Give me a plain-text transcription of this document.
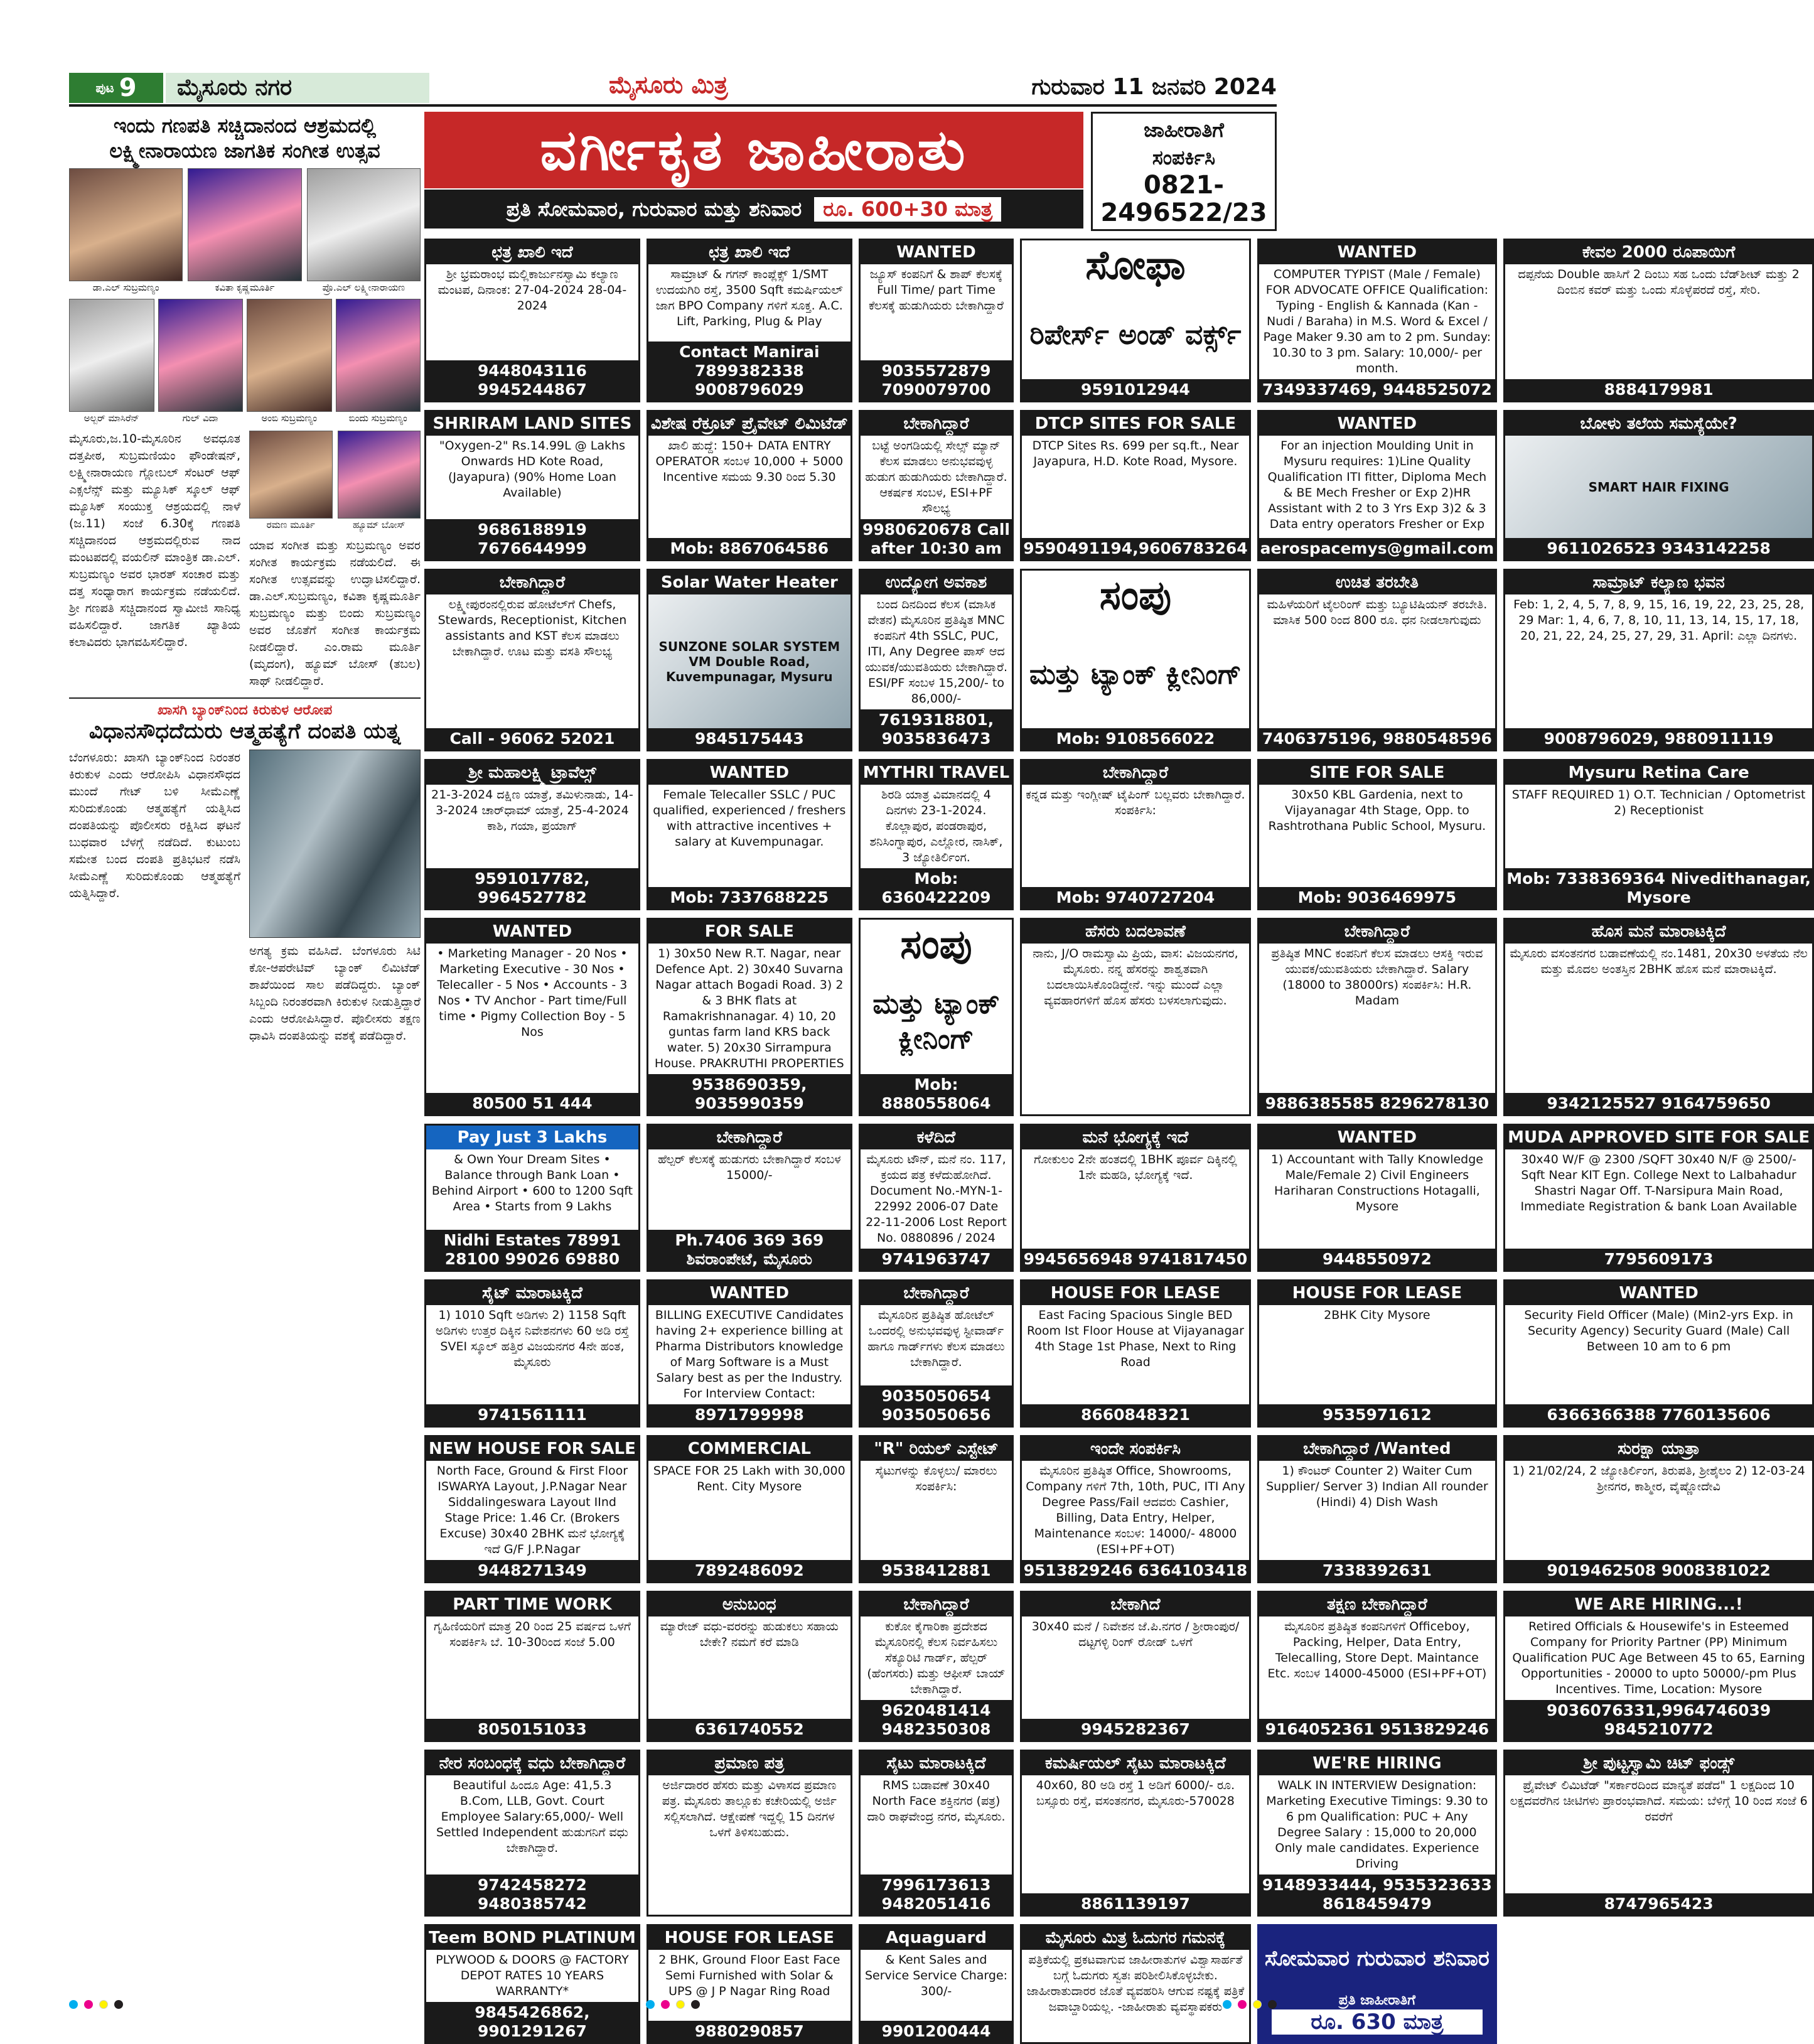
ಪುಟ 9	ಮೈಸೂರು ನಗರ	ಮೈಸೂರು ಮಿತ್ರ	ಗುರುವಾರ 11 ಜನವರಿ 2024
ಇಂದು ಗಣಪತಿ ಸಚ್ಚಿದಾನಂದ ಆಶ್ರಮದಲ್ಲಿ ಲಕ್ಷ್ಮೀನಾರಾಯಣ ಜಾಗತಿಕ ಸಂಗೀತ ಉತ್ಸವ
ಡಾ.ಎಲ್ ಸುಬ್ರಮಣ್ಯಂ	ಕವಿತಾ ಕೃಷ್ಣಮೂರ್ತಿ	ಪ್ರೊ.ಎಲ್ ಲಕ್ಷ್ಮೀನಾರಾಯಣ
ಅಲ್ಬರ್ ಮಾಸಿರೆನ್	ಗುಲ್ ವಿದಾ	ಅಂಬಿ ಸುಬ್ರಮಣ್ಯಂ	ಬಿಂದು ಸುಬ್ರಮಣ್ಯಂ
ಮೈಸೂರು,ಜ.10-ಮೈಸೂರಿನ ಅವಧೂತ ದತ್ತಪೀಠ, ಸುಬ್ರಮಣಿಯಂ ಫೌಂಡೇಷನ್, ಲಕ್ಷ್ಮೀನಾರಾಯಣ ಗ್ಲೋಬಲ್ ಸೆಂಟರ್ ಆಫ್ ಎಕ್ಸಲೆನ್ಸ್ ಮತ್ತು ಮ್ಯೂಸಿಕ್ ಸ್ಕೂಲ್ ಆಫ್ ಮ್ಯೂಸಿಕ್ ಸಂಯುಕ್ತ ಆಶ್ರಯದಲ್ಲಿ ನಾಳೆ (ಜ.11) ಸಂಜೆ 6.30ಕ್ಕೆ ಗಣಪತಿ ಸಚ್ಚಿದಾನಂದ ಆಶ್ರಮದಲ್ಲಿರುವ ನಾದ ಮಂಟಪದಲ್ಲಿ ವಯಲಿನ್ ಮಾಂತ್ರಿಕ ಡಾ.ಎಲ್. ಸುಬ್ರಮಣ್ಯಂ ಅವರ ಭಾರತ್ ಸಂಚಾರ ಮತ್ತು ದತ್ತ ಸಂಧ್ಯಾರಾಗ ಕಾರ್ಯಕ್ರಮ ನಡೆಯಲಿದೆ. ಶ್ರೀ ಗಣಪತಿ ಸಚ್ಚಿದಾನಂದ ಸ್ವಾಮೀಜಿ ಸಾನಿಧ್ಯ ವಹಿಸಲಿದ್ದಾರೆ. ಜಾಗತಿಕ ಖ್ಯಾತಿಯ ಕಲಾವಿದರು ಭಾಗವಹಿಸಲಿದ್ದಾರೆ.
ರಮಣ ಮೂರ್ತಿ	ಹ್ಯೂಮ್ ಬೋಸ್
ಯಾವ ಸಂಗೀತ ಮತ್ತು ಸುಬ್ರಮಣ್ಯಂ ಅವರ ಸಂಗೀತ ಕಾರ್ಯಕ್ರಮ ನಡೆಯಲಿದೆ. ಈ ಸಂಗೀತ ಉತ್ಸವವನ್ನು ಉದ್ಘಾಟಿಸಲಿದ್ದಾರೆ. ಡಾ.ಎಲ್.ಸುಬ್ರಮಣ್ಯಂ, ಕವಿತಾ ಕೃಷ್ಣಮೂರ್ತಿ ಸುಬ್ರಮಣ್ಯಂ ಮತ್ತು ಬಿಂದು ಸುಬ್ರಮಣ್ಯಂ ಅವರ ಜೊತೆಗೆ ಸಂಗೀತ ಕಾರ್ಯಕ್ರಮ ನೀಡಲಿದ್ದಾರೆ. ಎಂ.ರಾಮ ಮೂರ್ತಿ (ಮೃದಂಗ), ಹ್ಯೂಮ್ ಬೋಸ್ (ತಬಲ) ಸಾಥ್ ನೀಡಲಿದ್ದಾರೆ.
ಖಾಸಗಿ ಬ್ಯಾಂಕ್‌ನಿಂದ ಕಿರುಕುಳ ಆರೋಪ
ವಿಧಾನಸೌಧದೆದುರು ಆತ್ಮಹತ್ಯೆಗೆ ದಂಪತಿ ಯತ್ನ
ಬೆಂಗಳೂರು: ಖಾಸಗಿ ಬ್ಯಾಂಕ್‌ನಿಂದ ನಿರಂತರ ಕಿರುಕುಳ ಎಂದು ಆರೋಪಿಸಿ ವಿಧಾನಸೌಧದ ಮುಂದೆ ಗೇಟ್ ಬಳಿ ಸೀಮೆಎಣ್ಣೆ ಸುರಿದುಕೊಂಡು ಆತ್ಮಹತ್ಯೆಗೆ ಯತ್ನಿಸಿದ ದಂಪತಿಯನ್ನು ಪೊಲೀಸರು ರಕ್ಷಿಸಿದ ಘಟನೆ ಬುಧವಾರ ಬೆಳಗ್ಗೆ ನಡೆದಿದೆ. ಕುಟುಂಬ ಸಮೇತ ಬಂದ ದಂಪತಿ ಪ್ರತಿಭಟನೆ ನಡೆಸಿ ಸೀಮೆಎಣ್ಣೆ ಸುರಿದುಕೊಂಡು ಆತ್ಮಹತ್ಯೆಗೆ ಯತ್ನಿಸಿದ್ದಾರೆ.
ಅಗತ್ಯ ಕ್ರಮ ವಹಿಸಿದೆ. ಬೆಂಗಳೂರು ಸಿಟಿ ಕೋ-ಆಪರೇಟಿವ್ ಬ್ಯಾಂಕ್ ಲಿಮಿಟೆಡ್ ಶಾಖೆಯಿಂದ ಸಾಲ ಪಡೆದಿದ್ದರು. ಬ್ಯಾಂಕ್ ಸಿಬ್ಬಂದಿ ನಿರಂತರವಾಗಿ ಕಿರುಕುಳ ನೀಡುತ್ತಿದ್ದಾರೆ ಎಂದು ಆರೋಪಿಸಿದ್ದಾರೆ. ಪೊಲೀಸರು ತಕ್ಷಣ ಧಾವಿಸಿ ದಂಪತಿಯನ್ನು ವಶಕ್ಕೆ ಪಡೆದಿದ್ದಾರೆ.
ವರ್ಗೀಕೃತ ಜಾಹೀರಾತು
ಪ್ರತಿ ಸೋಮವಾರ, ಗುರುವಾರ ಮತ್ತು ಶನಿವಾರ	ರೂ. 600+30 ಮಾತ್ರ
ಜಾಹೀರಾತಿಗೆ
ಸಂಪರ್ಕಿಸಿ
0821-
2496522/23
ಛತ್ರ ಖಾಲಿ ಇದೆ
ಶ್ರೀ ಭ್ರಮರಾಂಭ ಮಲ್ಲಿಕಾರ್ಜುನಸ್ವಾಮಿ ಕಲ್ಯಾಣ ಮಂಟಪ, ದಿನಾಂಕ: 27-04-2024 28-04-2024
9448043116 9945244867
ಛತ್ರ ಖಾಲಿ ಇದೆ
ಸಾಮ್ರಾಟ್ & ಗಗನ್ ಕಾಂಪ್ಲೆಕ್ಸ್ 1/SMT ಉದಯಗಿರಿ ರಸ್ತೆ, 3500 Sqft ಕಮರ್ಷಿಯಲ್ ಜಾಗ BPO Company ಗಳಿಗೆ ಸೂಕ್ತ. A.C. Lift, Parking, Plug & Play
Contact Manirai 7899382338 9008796029
WANTED
ಜ್ಯೂಸ್ ಕಂಪನಿಗೆ & ಶಾಪ್ ಕೆಲಸಕ್ಕೆ Full Time/ part Time ಕೆಲಸಕ್ಕೆ ಹುಡುಗಿಯರು ಬೇಕಾಗಿದ್ದಾರೆ
9035572879 7090079700
ಸೋಫಾ
ರಿಪೇರ್ಸ್ ಅಂಡ್ ವರ್ಕ್ಸ್
9591012944
WANTED
COMPUTER TYPIST (Male / Female) FOR ADVOCATE OFFICE Qualification: Typing - English & Kannada (Kan - Nudi / Baraha) in M.S. Word & Excel / Page Maker 9.30 am to 2 pm. Sunday: 10.30 to 3 pm. Salary: 10,000/- per month.
7349337469, 9448525072
ಕೇವಲ 2000 ರೂಪಾಯಿಗೆ
ದಪ್ಪನೆಯ Double ಹಾಸಿಗೆ 2 ದಿಂಬು ಸಹ ಒಂದು ಬೆಡ್‌ಶೀಟ್ ಮತ್ತು 2 ದಿಂಬಿನ ಕವರ್ ಮತ್ತು ಒಂದು ಸೊಳ್ಳೆಪರದೆ ರಸ್ತೆ, ಸೇರಿ.
8884179981
SHRIRAM LAND SITES
"Oxygen-2" Rs.14.99L @ Lakhs Onwards HD Kote Road, (Jayapura) (90% Home Loan Available)
9686188919 7676644999
ವಿಶೇಷ ರೆಕ್ರೂಟ್ ಪ್ರೈವೇಟ್ ಲಿಮಿಟೆಡ್
ಖಾಲಿ ಹುದ್ದೆ: 150+ DATA ENTRY OPERATOR ಸಂಬಳ 10,000 + 5000 Incentive ಸಮಯ 9.30 ರಿಂದ 5.30
Mob: 8867064586
ಬೇಕಾಗಿದ್ದಾರೆ
ಬಟ್ಟೆ ಅಂಗಡಿಯಲ್ಲಿ ಸೇಲ್ಸ್ ಮ್ಯಾನ್ ಕೆಲಸ ಮಾಡಲು ಅನುಭವವುಳ್ಳ ಹುಡುಗ ಹುಡುಗಿಯರು ಬೇಕಾಗಿದ್ದಾರೆ. ಆಕರ್ಷಕ ಸಂಬಳ, ESI+PF ಸೌಲಭ್ಯ
9980620678 Call after 10:30 am
DTCP SITES FOR SALE
DTCP Sites Rs. 699 per sq.ft., Near Jayapura, H.D. Kote Road, Mysore.
9590491194,9606783264
WANTED
For an injection Moulding Unit in Mysuru requires: 1)Line Quality Qualification ITI fitter, Diploma Mech & BE Mech Fresher or Exp 2)HR Assistant with 2 to 3 Yrs Exp 3)2 & 3 Data entry operators Fresher or Exp
aerospacemys@gmail.com
ಬೋಳು ತಲೆಯ ಸಮಸ್ಯೆಯೇ?
SMART HAIR FIXING
9611026523 9343142258
ಬೇಕಾಗಿದ್ದಾರೆ
ಲಕ್ಷ್ಮೀಪುರಂನಲ್ಲಿರುವ ಹೋಟೆಲ್‌ಗೆ Chefs, Stewards, Receptionist, Kitchen assistants and KST ಕೆಲಸ ಮಾಡಲು ಬೇಕಾಗಿದ್ದಾರೆ. ಊಟ ಮತ್ತು ವಸತಿ ಸೌಲಭ್ಯ
Call - 96062 52021
Solar Water Heater
SUNZONE SOLAR SYSTEM VM Double Road, Kuvempunagar, Mysuru
9845175443
ಉದ್ಯೋಗ ಅವಕಾಶ
ಬಂದ ದಿನದಿಂದ ಕೆಲಸ (ಮಾಸಿಕ ವೇತನ) ಮೈಸೂರಿನ ಪ್ರತಿಷ್ಠಿತ MNC ಕಂಪನಿಗೆ 4th SSLC, PUC, ITI, Any Degree ಪಾಸ್ ಆದ ಯುವಕ/ಯುವತಿಯರು ಬೇಕಾಗಿದ್ದಾರೆ. ESI/PF ಸಂಬಳ 15,200/- to 86,000/-
7619318801, 9035836473
ಸಂಪು
ಮತ್ತು ಟ್ಯಾಂಕ್ ಕ್ಲೀನಿಂಗ್
Mob: 9108566022
ಉಚಿತ ತರಬೇತಿ
ಮಹಿಳೆಯರಿಗೆ ಟೈಲರಿಂಗ್ ಮತ್ತು ಬ್ಯೂಟಿಷಿಯನ್ ತರಬೇತಿ. ಮಾಸಿಕ 500 ರಿಂದ 800 ರೂ. ಧನ ನೀಡಲಾಗುವುದು
7406375196, 9880548596
ಸಾಮ್ರಾಟ್ ಕಲ್ಯಾಣ ಭವನ
Feb: 1, 2, 4, 5, 7, 8, 9, 15, 16, 19, 22, 23, 25, 28, 29 Mar: 1, 4, 6, 7, 8, 10, 11, 13, 14, 15, 17, 18, 20, 21, 22, 24, 25, 27, 29, 31. April: ಎಲ್ಲಾ ದಿನಗಳು.
9008796029, 9880911119
ಶ್ರೀ ಮಹಾಲಕ್ಷ್ಮಿ ಟ್ರಾವೆಲ್ಸ್
21-3-2024 ದಕ್ಷಿಣ ಯಾತ್ರೆ, ತಮಿಳುನಾಡು, 14-3-2024 ಚಾರ್‌ಧಾಮ್ ಯಾತ್ರೆ, 25-4-2024 ಕಾಶಿ, ಗಯಾ, ಪ್ರಯಾಗ್
9591017782, 9964527782
WANTED
Female Telecaller SSLC / PUC qualified, experienced / freshers with attractive incentives + salary at Kuvempunagar.
Mob: 7337688225
MYTHRI TRAVEL
ಶಿರಡಿ ಯಾತ್ರ ವಿಮಾನದಲ್ಲಿ 4 ದಿನಗಳು 23-1-2024. ಕೊಲ್ಲಾಪುರ, ಪಂಡರಾಪುರ, ಶನಿಸಿಂಗ್ನಾಪುರ, ಎಲ್ಲೋರ, ನಾಸಿಕ್, 3 ಜ್ಯೋತಿರ್ಲಿಂಗ.
Mob: 6360422209
ಬೇಕಾಗಿದ್ದಾರೆ
ಕನ್ನಡ ಮತ್ತು ಇಂಗ್ಲೀಷ್ ಟೈಪಿಂಗ್ ಬಲ್ಲವರು ಬೇಕಾಗಿದ್ದಾರೆ. ಸಂಪರ್ಕಿಸಿ:
Mob: 9740727204
SITE FOR SALE
30x50 KBL Gardenia, next to Vijayanagar 4th Stage, Opp. to Rashtrothana Public School, Mysuru.
Mob: 9036469975
Mysuru Retina Care
STAFF REQUIRED 1) O.T. Technician / Optometrist 2) Receptionist
Mob: 7338369364 Nivedithanagar, Mysore
WANTED
• Marketing Manager - 20 Nos • Marketing Executive - 30 Nos • Telecaller - 5 Nos • Accounts - 3 Nos • TV Anchor - Part time/Full time • Pigmy Collection Boy - 5 Nos
80500 51 444
FOR SALE
1) 30x50 New R.T. Nagar, near Defence Apt. 2) 30x40 Suvarna Nagar attach Bogadi Road. 3) 2 & 3 BHK flats at Ramakrishnanagar. 4) 10, 20 guntas farm land KRS back water. 5) 20x30 Sirrampura House. PRAKRUTHI PROPERTIES
9538690359, 9035990359
ಸಂಪು
ಮತ್ತು ಟ್ಯಾಂಕ್ ಕ್ಲೀನಿಂಗ್
Mob: 8880558064
ಹೆಸರು ಬದಲಾವಣೆ
ನಾನು, J/O ರಾಮಸ್ವಾಮಿ ಪ್ರಿಯ, ವಾಸ: ವಿಜಯನಗರ, ಮೈಸೂರು. ನನ್ನ ಹೆಸರನ್ನು ಶಾಶ್ವತವಾಗಿ ಬದಲಾಯಿಸಿಕೊಂಡಿದ್ದೇನೆ. ಇನ್ನು ಮುಂದೆ ಎಲ್ಲಾ ವ್ಯವಹಾರಗಳಿಗೆ ಹೊಸ ಹೆಸರು ಬಳಸಲಾಗುವುದು.
ಬೇಕಾಗಿದ್ದಾರೆ
ಪ್ರತಿಷ್ಠಿತ MNC ಕಂಪನಿಗೆ ಕೆಲಸ ಮಾಡಲು ಆಸಕ್ತಿ ಇರುವ ಯುವಕ/ಯುವತಿಯರು ಬೇಕಾಗಿದ್ದಾರೆ. Salary (18000 to 38000rs) ಸಂಪರ್ಕಿಸಿ: H.R. Madam
9886385585 8296278130
ಹೊಸ ಮನೆ ಮಾರಾಟಕ್ಕಿದೆ
ಮೈಸೂರು ವಸಂತನಗರ ಬಡಾವಣೆಯಲ್ಲಿ ನಂ.1481, 20x30 ಅಳತೆಯ ನೆಲ ಮತ್ತು ಮೊದಲ ಅಂತಸ್ತಿನ 2BHK ಹೊಸ ಮನೆ ಮಾರಾಟಕ್ಕಿದೆ.
9342125527 9164759650
Pay Just 3 Lakhs
& Own Your Dream Sites • Balance through Bank Loan • Behind Airport • 600 to 1200 Sqft Area • Starts from 9 Lakhs
Nidhi Estates 78991 28100 99026 69880
ಬೇಕಾಗಿದ್ದಾರೆ
ಹೆಲ್ಪರ್ ಕೆಲಸಕ್ಕೆ ಹುಡುಗರು ಬೇಕಾಗಿದ್ದಾರೆ ಸಂಬಳ 15000/-
Ph.7406 369 369 ಶಿವರಾಂಪೇಟೆ, ಮೈಸೂರು
ಕಳೆದಿದೆ
ಮೈಸೂರು ಟೌನ್, ಮನೆ ನಂ. 117, ಕ್ರಯದ ಪತ್ರ ಕಳೆದುಹೋಗಿದೆ. Document No.-MYN-1-22992 2006-07 Date 22-11-2006 Lost Report No. 0880896 / 2024
9741963747
ಮನೆ ಭೋಗ್ಯಕ್ಕೆ ಇದೆ
ಗೋಕುಲಂ 2ನೇ ಹಂತದಲ್ಲಿ 1BHK ಪೂರ್ವ ದಿಕ್ಕಿನಲ್ಲಿ 1ನೇ ಮಹಡಿ, ಭೋಗ್ಯಕ್ಕೆ ಇದೆ.
9945656948 9741817450
WANTED
1) Accountant with Tally Knowledge Male/Female 2) Civil Engineers Hariharan Constructions Hotagalli, Mysore
9448550972
MUDA APPROVED SITE FOR SALE
30x40 W/F @ 2300 /SQFT 30x40 N/F @ 2500/- Sqft Near KIT Egn. College Next to Lalbahadur Shastri Nagar Off. T-Narsipura Main Road, Immediate Registration & bank Loan Available
7795609173
ಸೈಟ್ ಮಾರಾಟಕ್ಕಿದೆ
1) 1010 Sqft ಅಡಿಗಳು 2) 1158 Sqft ಅಡಿಗಳು ಉತ್ತರ ದಿಕ್ಕಿನ ನಿವೇಶನಗಳು 60 ಅಡಿ ರಸ್ತೆ SVEI ಸ್ಕೂಲ್ ಹತ್ತಿರ ವಿಜಯನಗರ 4ನೇ ಹಂತ, ಮೈಸೂರು
9741561111
WANTED
BILLING EXECUTIVE Candidates having 2+ experience billing at Pharma Distributors knowledge of Marg Software is a Must Salary best as per the Industry. For Interview Contact:
8971799998
ಬೇಕಾಗಿದ್ದಾರೆ
ಮೈಸೂರಿನ ಪ್ರತಿಷ್ಠಿತ ಹೋಟೆಲ್ ಒಂದರಲ್ಲಿ ಅನುಭವವುಳ್ಳ ಸ್ಟೀವಾರ್ಡ್ ಹಾಗೂ ಗಾರ್ಡ್‌ಗಳು ಕೆಲಸ ಮಾಡಲು ಬೇಕಾಗಿದ್ದಾರೆ.
9035050654 9035050656
HOUSE FOR LEASE
East Facing Spacious Single BED Room Ist Floor House at Vijayanagar 4th Stage 1st Phase, Next to Ring Road
8660848321
HOUSE FOR LEASE
2BHK City Mysore
9535971612
WANTED
Security Field Officer (Male) (Min2-yrs Exp. in Security Agency) Security Guard (Male) Call Between 10 am to 6 pm
6366366388 7760135606
NEW HOUSE FOR SALE
North Face, Ground & First Floor ISWARYA Layout, J.P.Nagar Near Siddalingeswara Layout IInd Stage Price: 1.46 Cr. (Brokers Excuse) 30x40 2BHK ಮನೆ ಭೋಗ್ಯಕ್ಕೆ ಇದೆ G/F J.P.Nagar
9448271349
COMMERCIAL
SPACE FOR 25 Lakh with 30,000 Rent. City Mysore
7892486092
"R" ರಿಯಲ್ ಎಸ್ಟೇಟ್
ಸೈಟುಗಳನ್ನು ಕೊಳ್ಳಲು/ ಮಾರಲು ಸಂಪರ್ಕಿಸಿ:
9538412881
ಇಂದೇ ಸಂಪರ್ಕಿಸಿ
ಮೈಸೂರಿನ ಪ್ರತಿಷ್ಠಿತ Office, Showrooms, Company ಗಳಿಗೆ 7th, 10th, PUC, ITI Any Degree Pass/Fail ಆದವರು Cashier, Billing, Data Entry, Helper, Maintenance ಸಂಬಳ: 14000/- 48000 (ESI+PF+OT)
9513829246 6364103418
ಬೇಕಾಗಿದ್ದಾರೆ /Wanted
1) ಕೌಂಟರ್ Counter 2) Waiter Cum Supplier/ Server 3) Indian All rounder (Hindi) 4) Dish Wash
7338392631
ಸುರಕ್ಷಾ ಯಾತ್ರಾ
1) 21/02/24, 2 ಜ್ಯೋತಿರ್ಲಿಂಗ, ತಿರುಪತಿ, ಶ್ರೀಶೈಲಂ 2) 12-03-24 ಶ್ರೀನಗರ, ಕಾಶ್ಮೀರ, ವೈಷ್ಣೋದೇವಿ
9019462508 9008381022
PART TIME WORK
ಗೃಹಿಣಿಯರಿಗೆ ಮಾತ್ರ 20 ರಿಂದ 25 ವರ್ಷದ ಒಳಗೆ ಸಂಪರ್ಕಿಸಿ ಬೆ. 10-30ರಿಂದ ಸಂಜೆ 5.00
8050151033
ಅನುಬಂಧ
ಮ್ಯಾರೇಜ್ ವಧು-ವರರನ್ನು ಹುಡುಕಲು ಸಹಾಯ ಬೇಕೇ? ನಮಗೆ ಕರೆ ಮಾಡಿ
6361740552
ಬೇಕಾಗಿದ್ದಾರೆ
ಕುಕೋ ಕೈಗಾರಿಕಾ ಪ್ರದೇಶದ ಮೈಸೂರಿನಲ್ಲಿ ಕೆಲಸ ನಿರ್ವಹಿಸಲು ಸೆಕ್ಯೂರಿಟಿ ಗಾರ್ಡ್, ಹೆಲ್ಪರ್ (ಹೆಂಗಸರು) ಮತ್ತು ಆಫೀಸ್ ಬಾಯ್ ಬೇಕಾಗಿದ್ದಾರೆ.
9620481414 9482350308
ಬೇಕಾಗಿದೆ
30x40 ಮನೆ / ನಿವೇಶನ ಜೆ.ಪಿ.ನಗರ / ಶ್ರೀರಾಂಪುರ/ ದಟ್ಟಗಳ್ಳಿ ರಿಂಗ್ ರೋಡ್ ಒಳಗೆ
9945282367
ತಕ್ಷಣ ಬೇಕಾಗಿದ್ದಾರೆ
ಮೈಸೂರಿನ ಪ್ರತಿಷ್ಠಿತ ಕಂಪನಿಗಳಿಗೆ Officeboy, Packing, Helper, Data Entry, Telecalling, Store Dept. Maintance Etc. ಸಂಬಳ 14000-45000 (ESI+PF+OT)
9164052361 9513829246
WE ARE HIRING...!
Retired Officials & Housewife's in Esteemed Company for Priority Partner (PP) Minimum Qualification PUC Age Between 45 to 65, Earning Opportunities - 20000 to upto 50000/-pm Plus Incentives. Time, Location: Mysore
9036076331,9964746039 9845210772
ನೇರ ಸಂಬಂಧಕ್ಕೆ ವಧು ಬೇಕಾಗಿದ್ದಾರೆ
Beautiful ಹಿಂದೂ Age: 41,5.3 B.Com, LLB, Govt. Court Employee Salary:65,000/- Well Settled Independent ಹುಡುಗನಿಗೆ ವಧು ಬೇಕಾಗಿದ್ದಾರೆ.
9742458272 9480385742
ಪ್ರಮಾಣ ಪತ್ರ
ಅರ್ಜಿದಾರರ ಹೆಸರು ಮತ್ತು ವಿಳಾಸದ ಪ್ರಮಾಣ ಪತ್ರ. ಮೈಸೂರು ತಾಲ್ಲೂಕು ಕಚೇರಿಯಲ್ಲಿ ಅರ್ಜಿ ಸಲ್ಲಿಸಲಾಗಿದೆ. ಆಕ್ಷೇಪಣೆ ಇದ್ದಲ್ಲಿ 15 ದಿನಗಳ ಒಳಗೆ ತಿಳಿಸಬಹುದು.
ಸೈಟು ಮಾರಾಟಕ್ಕಿದೆ
RMS ಬಡಾವಣೆ 30x40 North Face ಶಕ್ತಿನಗರ (ಪತ್ರ) ದಾರಿ ರಾಘವೇಂದ್ರ ನಗರ, ಮೈಸೂರು.
7996173613 9482051416
ಕಮರ್ಷಿಯಲ್ ಸೈಟು ಮಾರಾಟಕ್ಕಿದೆ
40x60, 80 ಅಡಿ ರಸ್ತೆ 1 ಅಡಿಗೆ 6000/- ರೂ. ಬಸ್ಸೂರು ರಸ್ತೆ, ವಸಂತನಗರ, ಮೈಸೂರು-570028
8861139197
WE'RE HIRING
WALK IN INTERVIEW Designation: Marketing Executive Timings: 9.30 to 6 pm Qualification: PUC + Any Degree Salary : 15,000 to 20,000 Only male candidates. Experience Driving
9148933444, 9535323633 8618459479
ಶ್ರೀ ಪುಟ್ಟಸ್ವಾಮಿ ಚಿಟ್ ಫಂಡ್ಸ್
ಪ್ರೈವೇಟ್ ಲಿಮಿಟೆಡ್ "ಸರ್ಕಾರದಿಂದ ಮಾನ್ಯತೆ ಪಡೆದ" 1 ಲಕ್ಷದಿಂದ 10 ಲಕ್ಷದವರೆಗಿನ ಚೀಟಿಗಳು ಪ್ರಾರಂಭವಾಗಿದೆ. ಸಮಯ: ಬೆಳಿಗ್ಗೆ 10 ರಿಂದ ಸಂಜೆ 6 ರವರೆಗೆ
8747965423
Teem BOND PLATINUM
PLYWOOD & DOORS @ FACTORY DEPOT RATES 10 YEARS WARRANTY*
9845426862, 9901291267
HOUSE FOR LEASE
2 BHK, Ground Floor East Face Semi Furnished with Solar & UPS @ J P Nagar Ring Road
9880290857
Aquaguard
& Kent Sales and Service Service Charge: 300/-
9901200444
ಮೈಸೂರು ಮಿತ್ರ ಓದುಗರ ಗಮನಕ್ಕೆ
ಪತ್ರಿಕೆಯಲ್ಲಿ ಪ್ರಕಟವಾಗುವ ಜಾಹೀರಾತುಗಳ ವಿಶ್ವಾಸಾರ್ಹತೆ ಬಗ್ಗೆ ಓದುಗರು ಸ್ವತಃ ಪರಿಶೀಲಿಸಿಕೊಳ್ಳಬೇಕು. ಜಾಹೀರಾತುದಾರರ ಜೊತೆ ವ್ಯವಹರಿಸಿ ಆಗುವ ನಷ್ಟಕ್ಕೆ ಪತ್ರಿಕೆ ಜವಾಬ್ದಾರಿಯಲ್ಲ. -ಜಾಹೀರಾತು ವ್ಯವಸ್ಥಾಪಕರು
ಸೋಮವಾರ ಗುರುವಾರ ಶನಿವಾರ
ಪ್ರತಿ ಜಾಹೀರಾತಿಗೆ
ರೂ. 630 ಮಾತ್ರ
